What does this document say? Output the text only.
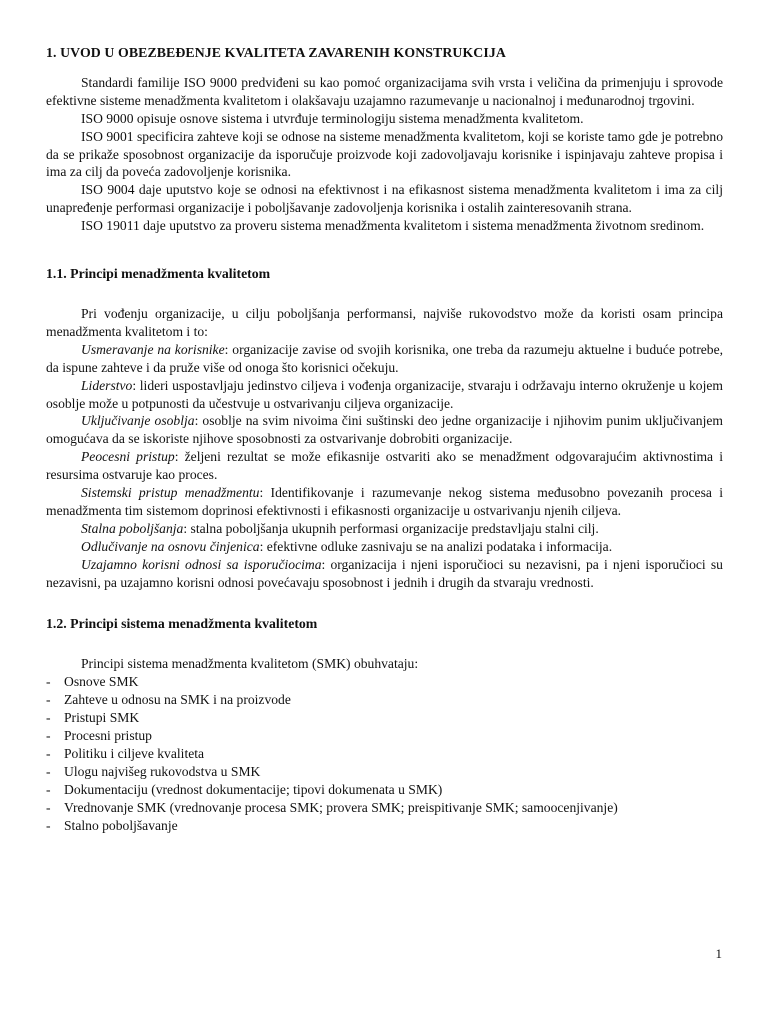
1. UVOD U OBEZBEĐENJE KVALITETA ZAVARENIH KONSTRUKCIJA

Standardi familije ISO 9000 predviđeni su kao pomoć organizacijama svih vrsta i veličina da primenjuju i sprovode efektivne sisteme menadžmenta kvalitetom i olakšavaju uzajamno razumevanje u nacionalnoj i međunarodnoj trgovini.

ISO 9000 opisuje osnove sistema i utvrđuje terminologiju sistema menadžmenta kvalitetom.

ISO 9001 specificira zahteve koji se odnose na sisteme menadžmenta kvalitetom, koji se koriste tamo gde je potrebno da se prikaže sposobnost organizacije da isporučuje proizvode koji zadovoljavaju korisnike i ispinjavaju zahteve propisa i ima za cilj da poveća zadovoljenje korisnika.

ISO 9004 daje uputstvo koje se odnosi na efektivnost i na efikasnost sistema menadžmenta kvalitetom i ima za cilj unapređenje performasi organizacije i poboljšavanje zadovoljenja korisnika i ostalih zainteresovanih strana.

ISO 19011 daje uputstvo za proveru sistema menadžmenta kvalitetom i sistema menadžmenta životnom sredinom.

1.1. Principi menadžmenta kvalitetom

Pri vođenju organizacije, u cilju poboljšanja performansi, najviše rukovodstvo može da koristi osam principa menadžmenta kvalitetom i to:

Usmeravanje na korisnike: organizacije zavise od svojih korisnika, one treba da razumeju aktuelne i buduće potrebe, da ispune zahteve i da pruže više od onoga što korisnici očekuju.

Liderstvo: lideri uspostavljaju jedinstvo ciljeva i vođenja organizacije, stvaraju i održavaju interno okruženje u kojem osoblje može u potpunosti da učestvuje u ostvarivanju ciljeva organizacije.

Uključivanje osoblja: osoblje na svim nivoima čini suštinski deo jedne organizacije i njihovim punim uključivanjem omogućava da se iskoriste njihove sposobnosti za ostvarivanje dobrobiti organizacije.

Peocesni pristup: željeni rezultat se može efikasnije ostvariti ako se menadžment odgovarajućim aktivnostima i resursima ostvaruje kao proces.

Sistemski pristup menadžmentu: Identifikovanje i razumevanje nekog sistema međusobno povezanih procesa i menadžmenta tim sistemom doprinosi efektivnosti i efikasnosti organizacije u ostvarivanju njenih ciljeva.

Stalna poboljšanja: stalna poboljšanja ukupnih performasi organizacije predstavljaju stalni cilj.

Odlučivanje na osnovu činjenica: efektivne odluke zasnivaju se na analizi podataka i informacija.

Uzajamno korisni odnosi sa isporučiocima: organizacija i njeni isporučioci su nezavisni, pa i njeni isporučioci su nezavisni, pa uzajamno korisni odnosi povećavaju sposobnost i jednih i drugih da stvaraju vrednosti.

1.2. Principi sistema menadžmenta kvalitetom

Principi sistema menadžmenta kvalitetom (SMK) obuhvataju:

- Osnove SMK
- Zahteve u odnosu na SMK i na proizvode
- Pristupi SMK
- Procesni pristup
- Politiku i ciljeve kvaliteta
- Ulogu najvišeg rukovodstva u SMK
- Dokumentaciju (vrednost dokumentacije; tipovi dokumenata u SMK)
- Vrednovanje SMK (vrednovanje procesa SMK; provera SMK; preispitivanje SMK; samoocenjivanje)
- Stalno poboljšavanje
1
